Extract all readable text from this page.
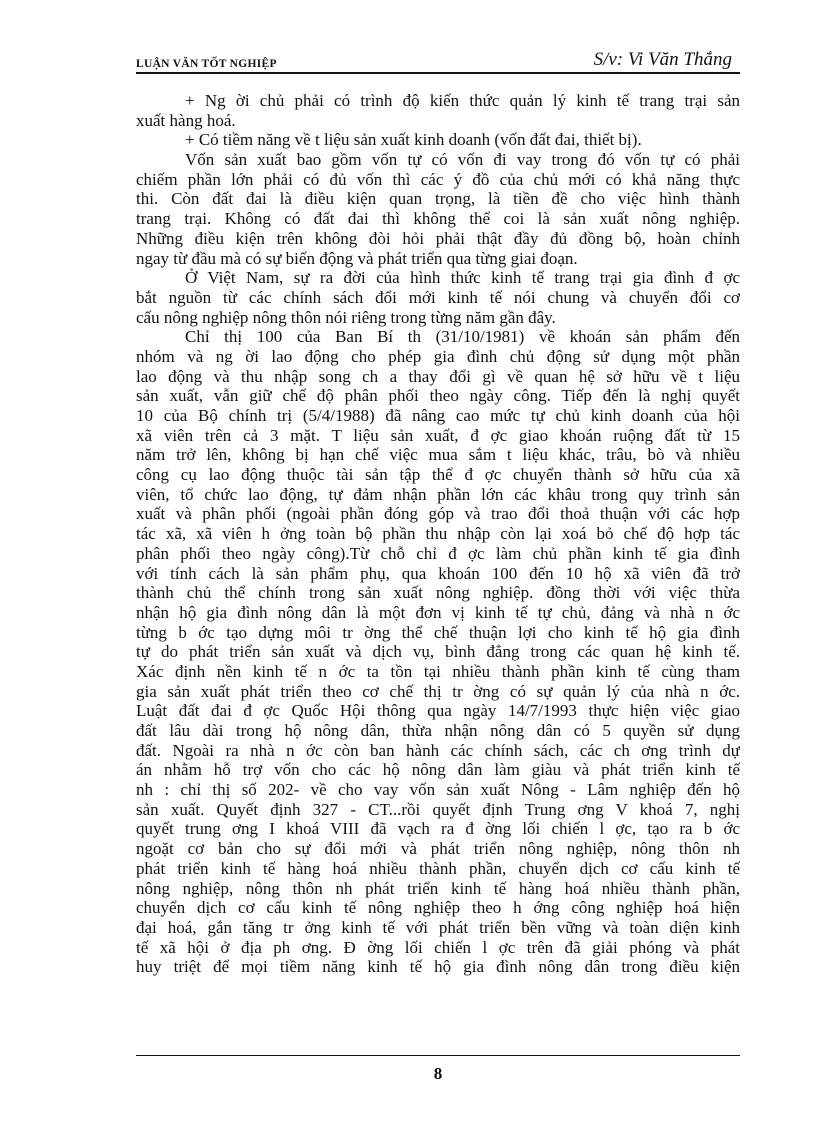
LUẬN VĂN TỐT NGHIỆP	S/v: Vi Văn Thắng
+ Ng ời chủ phải có trình độ kiến thức quản lý kinh tế trang trại sản
xuất hàng hoá.
+ Có tiềm năng về t liệu sản xuất kinh doanh (vốn đất đai, thiết bị).
Vốn sản xuất bao gồm vốn tự có vốn đi vay trong đó vốn tự có phải
chiếm phần lớn phải có đủ vốn thì các ý đồ của chủ mới có khả năng thực
thi. Còn đất đai là điều kiện quan trọng, là tiền đề cho việc hình thành
trang trại. Không có đất đai thì không thể coi là sản xuất nông nghiệp.
Những điều kiện trên không đòi hỏi phải thật đầy đủ đồng bộ, hoàn chỉnh
ngay từ đầu mà có sự biến động và phát triển qua từng giai đoạn.
Ở Việt Nam, sự ra đời của hình thức kinh tế trang trại gia đình đ ợc
bắt nguồn từ các chính sách đổi mới kinh tế nói chung và chuyển đổi cơ
cấu nông nghiệp nông thôn nói riêng trong từng năm gần đây.
Chỉ thị 100 của Ban Bí th (31/10/1981) về khoán sản phẩm đến
nhóm và ng ời lao động cho phép gia đình chủ động sử dụng một phần
lao động và thu nhập song ch a thay đổi gì về quan hệ sở hữu về t liệu
sản xuất, vẫn giữ chế độ phân phối theo ngày công. Tiếp đến là nghị quyết
10 của Bộ chính trị (5/4/1988) đã nâng cao mức tự chủ kinh doanh của hội
xã viên trên cả 3 mặt. T liệu sản xuất, đ ợc giao khoán ruộng đất từ 15
năm trở lên, không bị hạn chế việc mua sắm t liệu khác, trâu, bò và nhiều
công cụ lao động thuộc tài sản tập thể đ ợc chuyển thành sở hữu của xã
viên, tổ chức lao động, tự đảm nhận phần lớn các khâu trong quy trình sản
xuất và phân phối (ngoài phần đóng góp và trao đổi thoả thuận với các hợp
tác xã, xã viên h ởng toàn bộ phần thu nhập còn lại xoá bỏ chế độ hợp tác
phân phối theo ngày công).Từ chỗ chỉ đ ợc làm chủ phần kinh tế gia đình
với tính cách là sản phẩm phụ, qua khoán 100 đến 10 hộ xã viên đã trở
thành chủ thể chính trong sản xuất nông nghiệp. đồng thời với việc thừa
nhận hộ gia đình nông dân là một đơn vị kinh tế tự chủ, đảng và nhà n ớc
từng b ớc tạo dựng môi tr ờng thể chế thuận lợi cho kinh tế hộ gia đình
tự do phát triển sản xuất và dịch vụ, bình đẳng trong các quan hệ kinh tế.
Xác định nền kinh tế n ớc ta tồn tại nhiều thành phần kinh tế cùng tham
gia sản xuất phát triển theo cơ chế thị tr ờng có sự quản lý của nhà n ớc.
Luật đất đai đ ợc Quốc Hội thông qua ngày 14/7/1993 thực hiện việc giao
đất lâu dài trong hộ nông dân, thừa nhận nông dân có 5 quyền sử dụng
đất. Ngoài ra nhà n ớc còn ban hành các chính sách, các ch ơng trình dự
án nhằm hỗ trợ vốn cho các hộ nông dân làm giàu và phát triển kinh tế
nh : chỉ thị số 202- về cho vay vốn sản xuất Nông - Lâm nghiệp đến hộ
sản xuất. Quyết định 327 - CT...rồi quyết định Trung ơng V khoá 7, nghị
quyết trung ơng I khoá VIII đã vạch ra đ ờng lối chiến l ợc, tạo ra b ớc
ngoặt cơ bản cho sự đổi mới và phát triển nông nghiệp, nông thôn nh
phát triển kinh tế hàng hoá nhiều thành phần, chuyển dịch cơ cấu kinh tế
nông nghiệp, nông thôn nh phát triển kinh tế hàng hoá nhiều thành phần,
chuyển dịch cơ cấu kinh tế nông nghiệp theo h ớng công nghiệp hoá hiện
đại hoá, gắn tăng tr ởng kinh tế với phát triển bền vững và toàn diện kinh
tế xã hội ở địa ph ơng. Đ ờng lối chiến l ợc trên đã giải phóng và phát
huy triệt để mọi tiềm năng kinh tế hộ gia đình nông dân trong điều kiện
8
